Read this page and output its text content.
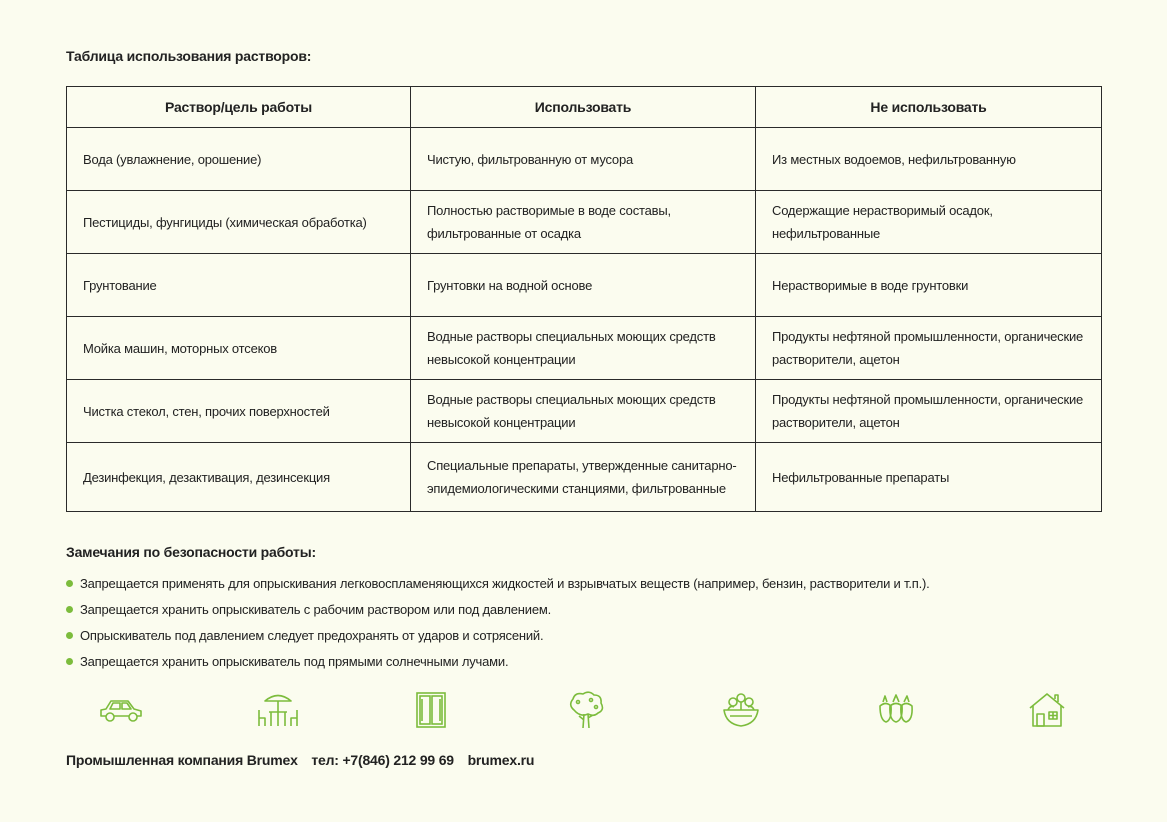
Таблица использования растворов:
Раствор/цель работы	Использовать	Не использовать
Вода (увлажнение, орошение)	Чистую, фильтрованную от мусора	Из местных водоемов, нефильтрованную
Пестициды, фунгициды (химическая обработка)	Полностью растворимые в воде составы, фильтрованные от осадка	Содержащие нерастворимый осадок, нефильтрованные
Грунтование	Грунтовки на водной основе	Нерастворимые в воде грунтовки
Мойка машин, моторных отсеков	Водные растворы специальных моющих средств невысокой концентрации	Продукты нефтяной промышленности, органические растворители, ацетон
Чистка стекол, стен, прочих поверхностей	Водные растворы специальных моющих средств невысокой концентрации	Продукты нефтяной промышленности, органические растворители, ацетон
Дезинфекция, дезактивация, дезинсекция	Специальные препараты, утвержденные санитарно-эпидемиологическими станциями, фильтрованные	Нефильтрованные препараты
Замечания по безопасности работы:
Запрещается применять для опрыскивания легковоспламеняющихся жидкостей и взрывчатых веществ (например, бензин, растворители и т.п.).
Запрещается хранить опрыскиватель с рабочим раствором или под давлением.
Опрыскиватель под давлением следует предохранять от ударов и сотрясений.
Запрещается хранить опрыскиватель под прямыми солнечными лучами.
Промышленная компания Brumex тел: +7(846) 212 99 69 brumex.ru
